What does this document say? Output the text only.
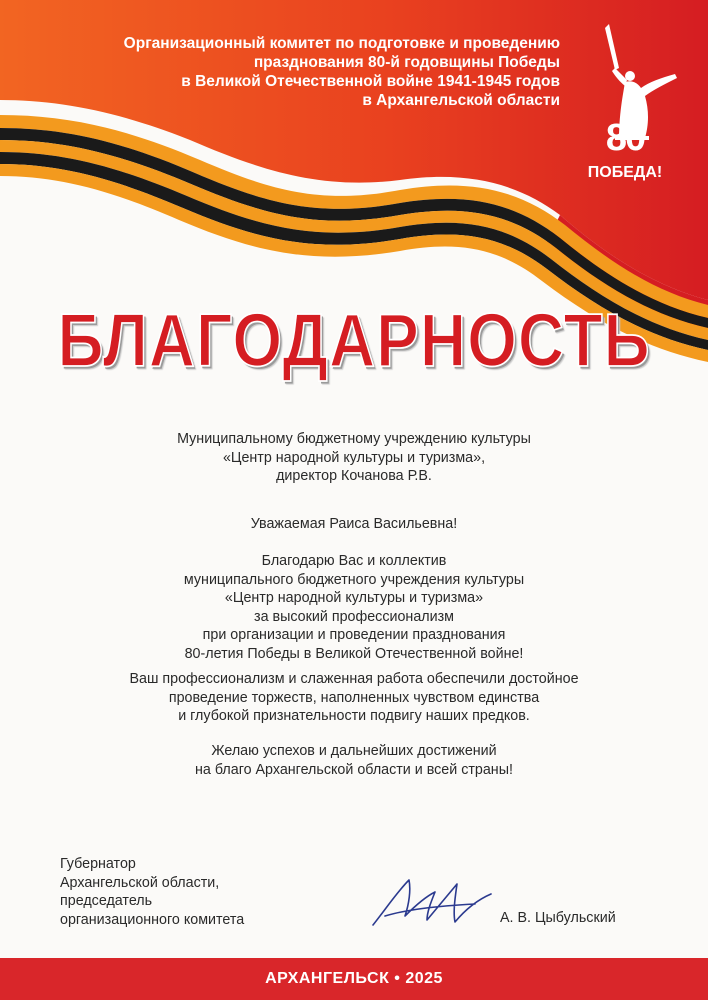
Организационный комитет по подготовке и проведению
празднования 80-й годовщины Победы
в Великой Отечественной войне 1941-1945 годов
в Архангельской области
80
ПОБЕДА!
БЛАГОДАРНОСТЬ
Муниципальному бюджетному учреждению культуры
«Центр народной культуры и туризма»,
директор Кочанова Р.В.
Уважаемая Раиса Васильевна!
Благодарю Вас и коллектив
муниципального бюджетного учреждения культуры
«Центр народной культуры и туризма»
за высокий профессионализм
при организации и проведении празднования
80-летия Победы в Великой Отечественной войне!
Ваш профессионализм и слаженная работа обеспечили достойное
проведение торжеств, наполненных чувством единства
и глубокой признательности подвигу наших предков.
Желаю успехов и дальнейших достижений
на благо Архангельской области и всей страны!
Губернатор
Архангельской области,
председатель
организационного комитета	А. В. Цыбульский
АРХАНГЕЛЬСК • 2025
